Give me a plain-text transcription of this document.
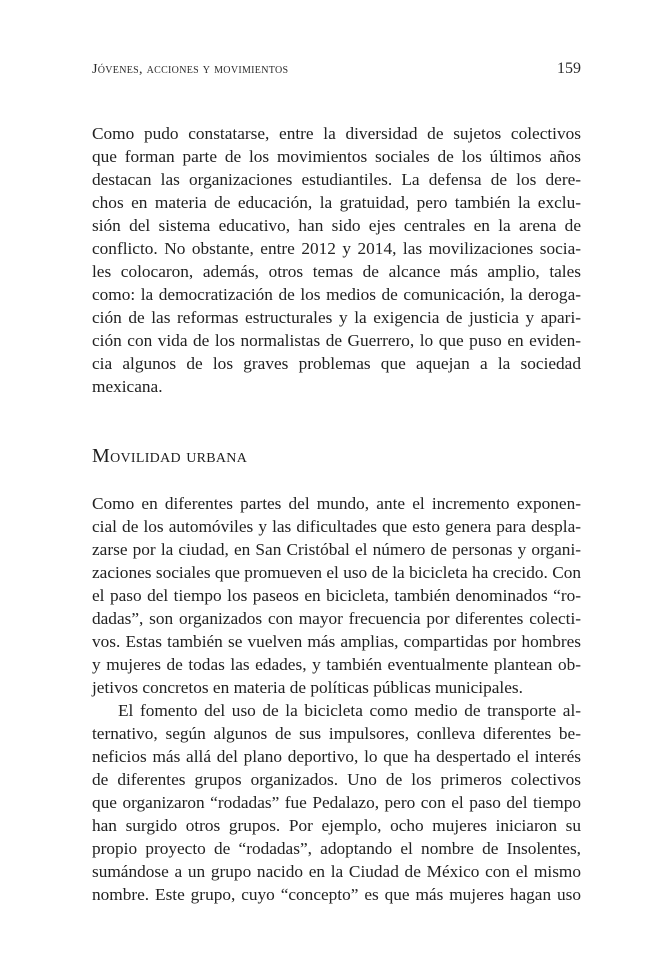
Jóvenes, acciones y movimientos	159
Como pudo constatarse, entre la diversidad de sujetos colectivos
que forman parte de los movimientos sociales de los últimos años
destacan las organizaciones estudiantiles. La defensa de los dere-
chos en materia de educación, la gratuidad, pero también la exclu-
sión del sistema educativo, han sido ejes centrales en la arena de
conflicto. No obstante, entre 2012 y 2014, las movilizaciones socia-
les colocaron, además, otros temas de alcance más amplio, tales
como: la democratización de los medios de comunicación, la deroga-
ción de las reformas estructurales y la exigencia de justicia y apari-
ción con vida de los normalistas de Guerrero, lo que puso en eviden-
cia algunos de los graves problemas que aquejan a la sociedad
mexicana.
Movilidad urbana
Como en diferentes partes del mundo, ante el incremento exponen-
cial de los automóviles y las dificultades que esto genera para despla-
zarse por la ciudad, en San Cristóbal el número de personas y organi-
zaciones sociales que promueven el uso de la bicicleta ha crecido. Con
el paso del tiempo los paseos en bicicleta, también denominados “ro-
dadas”, son organizados con mayor frecuencia por diferentes colecti-
vos. Estas también se vuelven más amplias, compartidas por hombres
y mujeres de todas las edades, y también eventualmente plantean ob-
jetivos concretos en materia de políticas públicas municipales.
El fomento del uso de la bicicleta como medio de transporte al-
ternativo, según algunos de sus impulsores, conlleva diferentes be-
neficios más allá del plano deportivo, lo que ha despertado el interés
de diferentes grupos organizados. Uno de los primeros colectivos
que organizaron “rodadas” fue Pedalazo, pero con el paso del tiempo
han surgido otros grupos. Por ejemplo, ocho mujeres iniciaron su
propio proyecto de “rodadas”, adoptando el nombre de Insolentes,
sumándose a un grupo nacido en la Ciudad de México con el mismo
nombre. Este grupo, cuyo “concepto” es que más mujeres hagan uso
